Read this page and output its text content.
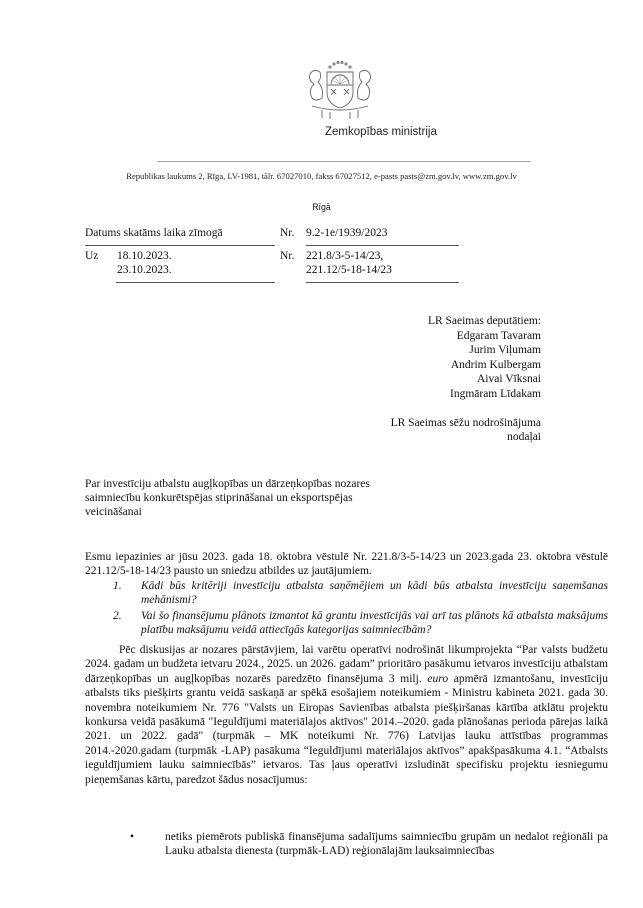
Zemkopības ministrija
Republikas laukums 2, Rīga, LV-1981, tālr. 67027010, fakss 67027512, e-pasts pasts@zm.gov.lv, www.zm.gov.lv
Rīgā
Datums skatāms laika zīmogā	Nr. 9.2-1e/1939/2023
Uz 18.10.2023.
23.10.2023.
Nr. 221.8/3-5-14/23,
221.12/5-18-14/23
LR Saeimas deputātiem:
Edgaram Tavaram
Jurim Viļumam
Andrim Kulbergam
Aivai Vīksnai
Ingmāram Līdakam
LR Saeimas sēžu nodrošinājuma
nodaļai
Par investīciju atbalstu augļkopības un dārzeņkopības nozares saimniecību konkurētspējas stiprināšanai un eksportspējas veicināšanai
Esmu iepazinies ar jūsu 2023. gada 18. oktobra vēstulē Nr. 221.8/3-5-14/23 un 2023.gada 23. oktobra vēstulē 221.12/5-18-14/23 pausto un sniedzu atbildes uz jautājumiem.
1. Kādi būs kritēriji investīciju atbalsta saņēmējiem un kādi būs atbalsta investīciju saņemšanas mehānismi?
2. Vai šo finansējumu plānots izmantot kā grantu investīcijās vai arī tas plānots kā atbalsta maksājums platību maksājumu veidā attiecīgās kategorijas saimniecībām?
Pēc diskusijas ar nozares pārstāvjiem, lai varētu operatīvi nodrošināt likumprojekta “Par valsts budžetu 2024. gadam un budžeta ietvaru 2024., 2025. un 2026. gadam” prioritāro pasākumu ietvaros investīciju atbalstam dārzeņkopības un augļkopības nozarēs paredzēto finansējuma 3 milj. euro apmērā izmantošanu, investīciju atbalsts tiks piešķirts grantu veidā saskaņā ar spēkā esošajiem noteikumiem - Ministru kabineta 2021. gada 30. novembra noteikumiem Nr. 776 "Valsts un Eiropas Savienības atbalsta piešķiršanas kārtība atklātu projektu konkursa veidā pasākumā "Ieguldījumi materiālajos aktīvos" 2014.–2020. gada plānošanas perioda pārejas laikā 2021. un 2022. gadā" (turpmāk – MK noteikumi Nr. 776) Latvijas lauku attīstības programmas 2014.-2020.gadam (turpmāk -LAP) pasākuma “Ieguldījumi materiālajos aktīvos” apakšpasākuma 4.1. “Atbalsts ieguldījumiem lauku saimniecībās” ietvaros. Tas ļaus operatīvi izsludināt specifisku projektu iesniegumu pieņemšanas kārtu, paredzot šādus nosacījumus:
•	netiks piemērots publiskā finansējuma sadalījums saimniecību grupām un nedalot reģionāli pa Lauku atbalsta dienesta (turpmāk-LAD) reģionālajām lauksaimniecības
